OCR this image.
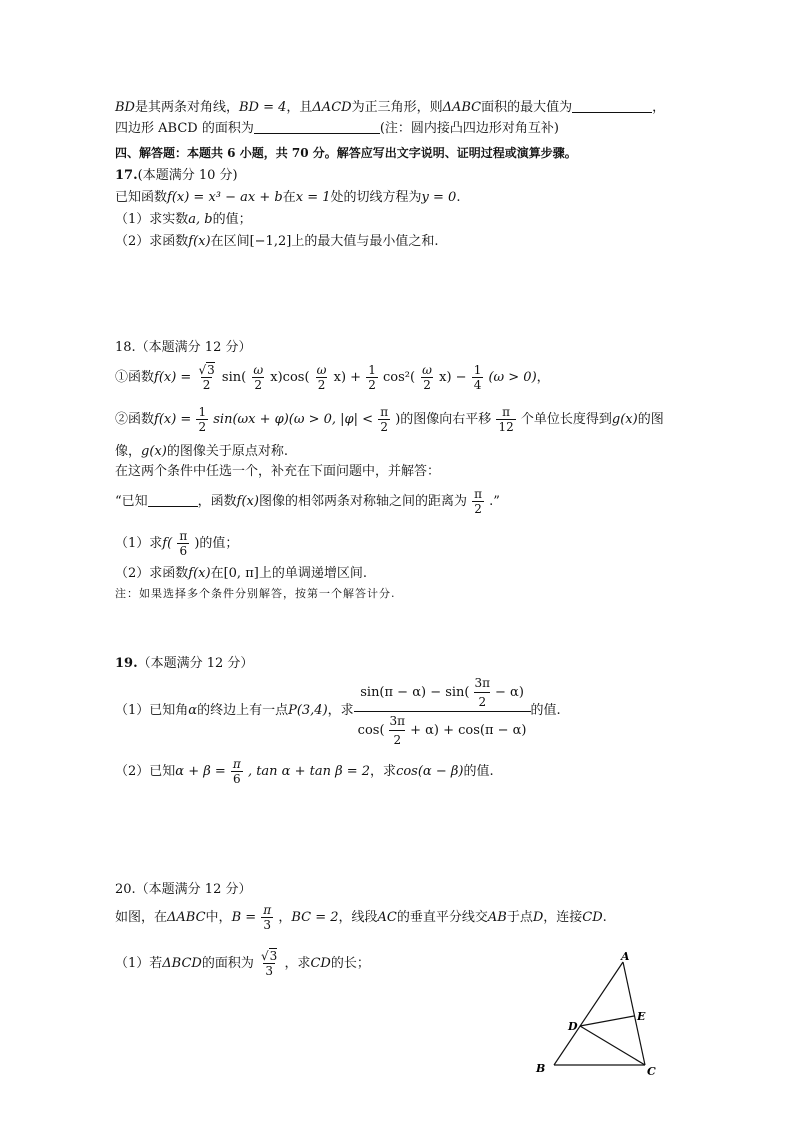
BD是其两条对角线，BD = 4，且ΔACD为正三角形，则ΔABC面积的最大值为	，
四边形 ABCD 的面积为	(注：圆内接凸四边形对角互补)
四、解答题：本题共 6 小题，共 70 分。解答应写出文字说明、证明过程或演算步骤。
17.(本题满分 10 分)
已知函数f(x) = x³ − ax + b在x = 1处的切线方程为y = 0.
（1）求实数a, b的值；
（2）求函数f(x)在区间[−1,2]上的最大值与最小值之和.
18.（本题满分 12 分）
①函数$f(x) = \frac{√3}{2} \sin( \frac{\omega}{2} x)\cos( \frac{\omega}{2} x) + \frac{1}{2} \cos^2( \frac{\omega}{2} x) - \frac{1}{4} (\omega > 0)$，
②函数$f(x) = \frac{1}{2} \sin(\omega x + \varphi)(\omega > 0$, $|\varphi| < \frac{\pi}{2}$ )的图像向右平移 $\frac{\pi}{12}$ 个单位长度得到g(x)的图
像，g(x)的图像关于原点对称.
在这两个条件中任选一个，补充在下面问题中，并解答：
“已知	，函数f(x)图像的相邻两条对称轴之间的距离为 $\frac{\pi}{2}$ .”
（1）求$f( \frac{\pi}{6}$ )的值；
（2）求函数f(x)在[0, π]上的单调递增区间.
注：如果选择多个条件分别解答，按第一个解答计分.
19.（本题满分 12 分）
（1）已知角 α 的终边上有一点 P(3,4) ，求
$\sin(\pi - \alpha) - \sin( \frac{3\pi}{2} - \alpha)$
$\cos( \frac{3\pi}{2} + \alpha) + \cos(\pi - \alpha)$
的值.
（2）已知$\alpha + \beta = \frac{\pi}{6}$ , tan α + tan β = 2，求cos(α − β)的值.
20.（本题满分 12 分）
如图，在ΔABC中，$B = \frac{\pi}{3}$ ，BC = 2，线段AC的垂直平分线交AB于点D，连接CD.
（1）若ΔBCD的面积为 $\frac{√3}{3}$ ，求CD的长；	A
B	C
D
E
